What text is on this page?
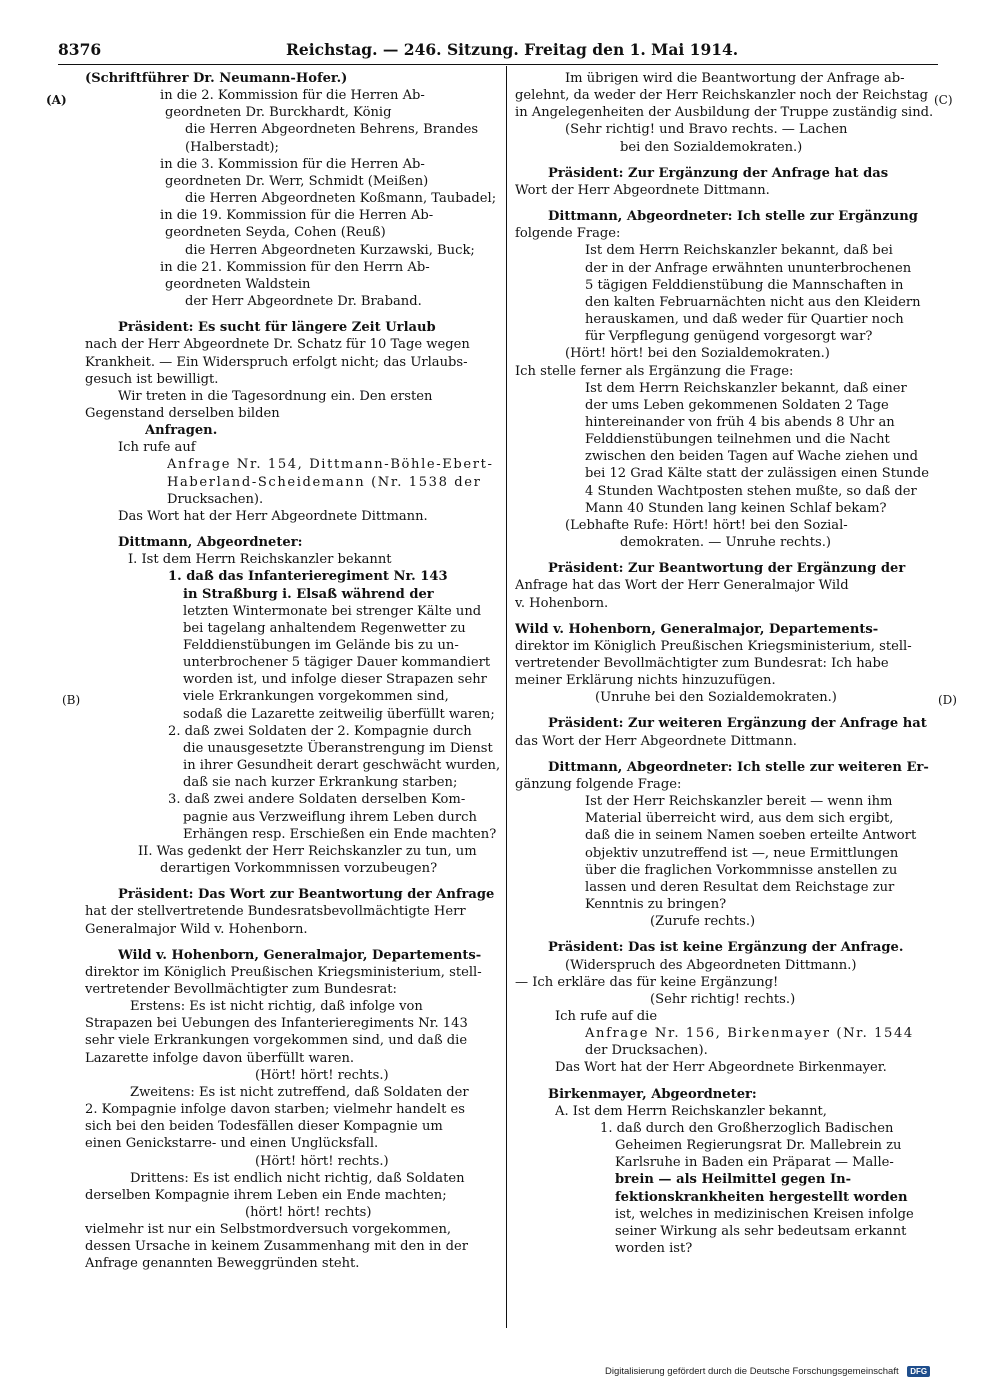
8376	Reichstag. — 246. Sitzung. Freitag den 1. Mai 1914.
(A)
(B)
(C)
(D)

(Schriftführer Dr. Neumann-Hofer.)

in die 2. Kommission für die Herren Ab-

geordneten Dr. Burckhardt, König

die Herren Abgeordneten Behrens, Brandes

(Halberstadt);

in die 3. Kommission für die Herren Ab-

geordneten Dr. Werr, Schmidt (Meißen)

die Herren Abgeordneten Koßmann, Taubadel;

in die 19. Kommission für die Herren Ab-

geordneten Seyda, Cohen (Reuß)

die Herren Abgeordneten Kurzawski, Buck;

in die 21. Kommission für den Herrn Ab-

geordneten Waldstein

der Herr Abgeordnete Dr. Braband.

Präsident: Es sucht für längere Zeit Urlaub

nach der Herr Abgeordnete Dr. Schatz für 10 Tage wegen

Krankheit. — Ein Widerspruch erfolgt nicht; das Urlaubs-

gesuch ist bewilligt.

Wir treten in die Tagesordnung ein. Den ersten

Gegenstand derselben bilden

Anfragen.

Ich rufe auf

Anfrage Nr. 154, Dittmann-Böhle-Ebert-

Haberland-Scheidemann (Nr. 1538 der

Drucksachen).

Das Wort hat der Herr Abgeordnete Dittmann.

Dittmann, Abgeordneter:

I. Ist dem Herrn Reichskanzler bekannt

1. daß das Infanterieregiment Nr. 143

in Straßburg i. Elsaß während der

letzten Wintermonate bei strenger Kälte und

bei tagelang anhaltendem Regenwetter zu

Felddienstübungen im Gelände bis zu un-

unterbrochener 5 tägiger Dauer kommandiert

worden ist, und infolge dieser Strapazen sehr

viele Erkrankungen vorgekommen sind,

sodaß die Lazarette zeitweilig überfüllt waren;

2. daß zwei Soldaten der 2. Kompagnie durch

die unausgesetzte Überanstrengung im Dienst

in ihrer Gesundheit derart geschwächt wurden,

daß sie nach kurzer Erkrankung starben;

3. daß zwei andere Soldaten derselben Kom-

pagnie aus Verzweiflung ihrem Leben durch

Erhängen resp. Erschießen ein Ende machten?

II. Was gedenkt der Herr Reichskanzler zu tun, um

derartigen Vorkommnissen vorzubeugen?

Präsident: Das Wort zur Beantwortung der Anfrage

hat der stellvertretende Bundesratsbevollmächtigte Herr

Generalmajor Wild v. Hohenborn.

Wild v. Hohenborn, Generalmajor, Departements-

direktor im Königlich Preußischen Kriegsministerium, stell-

vertretender Bevollmächtigter zum Bundesrat:

Erstens: Es ist nicht richtig, daß infolge von

Strapazen bei Uebungen des Infanterieregiments Nr. 143

sehr viele Erkrankungen vorgekommen sind, und daß die

Lazarette infolge davon überfüllt waren.

(Hört! hört! rechts.)

Zweitens: Es ist nicht zutreffend, daß Soldaten der

2. Kompagnie infolge davon starben; vielmehr handelt es

sich bei den beiden Todesfällen dieser Kompagnie um

einen Genickstarre- und einen Unglücksfall.

(Hört! hört! rechts.)

Drittens: Es ist endlich nicht richtig, daß Soldaten

derselben Kompagnie ihrem Leben ein Ende machten;

(hört! hört! rechts)

vielmehr ist nur ein Selbstmordversuch vorgekommen,

dessen Ursache in keinem Zusammenhang mit den in der

Anfrage genannten Beweggründen steht.

Im übrigen wird die Beantwortung der Anfrage ab-

gelehnt, da weder der Herr Reichskanzler noch der Reichstag

in Angelegenheiten der Ausbildung der Truppe zuständig sind.

(Sehr richtig! und Bravo rechts. — Lachen

bei den Sozialdemokraten.)

Präsident: Zur Ergänzung der Anfrage hat das

Wort der Herr Abgeordnete Dittmann.

Dittmann, Abgeordneter: Ich stelle zur Ergänzung

folgende Frage:

Ist dem Herrn Reichskanzler bekannt, daß bei

der in der Anfrage erwähnten ununterbrochenen

5 tägigen Felddienstübung die Mannschaften in

den kalten Februarnächten nicht aus den Kleidern

herauskamen, und daß weder für Quartier noch

für Verpflegung genügend vorgesorgt war?

(Hört! hört! bei den Sozialdemokraten.)

Ich stelle ferner als Ergänzung die Frage:

Ist dem Herrn Reichskanzler bekannt, daß einer

der ums Leben gekommenen Soldaten 2 Tage

hintereinander von früh 4 bis abends 8 Uhr an

Felddienstübungen teilnehmen und die Nacht

zwischen den beiden Tagen auf Wache ziehen und

bei 12 Grad Kälte statt der zulässigen einen Stunde

4 Stunden Wachtposten stehen mußte, so daß der

Mann 40 Stunden lang keinen Schlaf bekam?

(Lebhafte Rufe: Hört! hört! bei den Sozial-

demokraten. — Unruhe rechts.)

Präsident: Zur Beantwortung der Ergänzung der

Anfrage hat das Wort der Herr Generalmajor Wild

v. Hohenborn.

Wild v. Hohenborn, Generalmajor, Departements-

direktor im Königlich Preußischen Kriegsministerium, stell-

vertretender Bevollmächtigter zum Bundesrat: Ich habe

meiner Erklärung nichts hinzuzufügen.

(Unruhe bei den Sozialdemokraten.)

Präsident: Zur weiteren Ergänzung der Anfrage hat

das Wort der Herr Abgeordnete Dittmann.

Dittmann, Abgeordneter: Ich stelle zur weiteren Er-

gänzung folgende Frage:

Ist der Herr Reichskanzler bereit — wenn ihm

Material überreicht wird, aus dem sich ergibt,

daß die in seinem Namen soeben erteilte Antwort

objektiv unzutreffend ist —, neue Ermittlungen

über die fraglichen Vorkommnisse anstellen zu

lassen und deren Resultat dem Reichstage zur

Kenntnis zu bringen?

(Zurufe rechts.)

Präsident: Das ist keine Ergänzung der Anfrage.

(Widerspruch des Abgeordneten Dittmann.)

— Ich erkläre das für keine Ergänzung!

(Sehr richtig! rechts.)

Ich rufe auf die

Anfrage Nr. 156, Birkenmayer (Nr. 1544

der Drucksachen).

Das Wort hat der Herr Abgeordnete Birkenmayer.

Birkenmayer, Abgeordneter:

A. Ist dem Herrn Reichskanzler bekannt,

1. daß durch den Großherzoglich Badischen

Geheimen Regierungsrat Dr. Mallebrein zu

Karlsruhe in Baden ein Präparat — Malle-

brein — als Heilmittel gegen In-

fektionskrankheiten hergestellt worden

ist, welches in medizinischen Kreisen infolge

seiner Wirkung als sehr bedeutsam erkannt

worden ist?

Digitalisierung gefördert durch die Deutsche Forschungsgemeinschaft DFG
